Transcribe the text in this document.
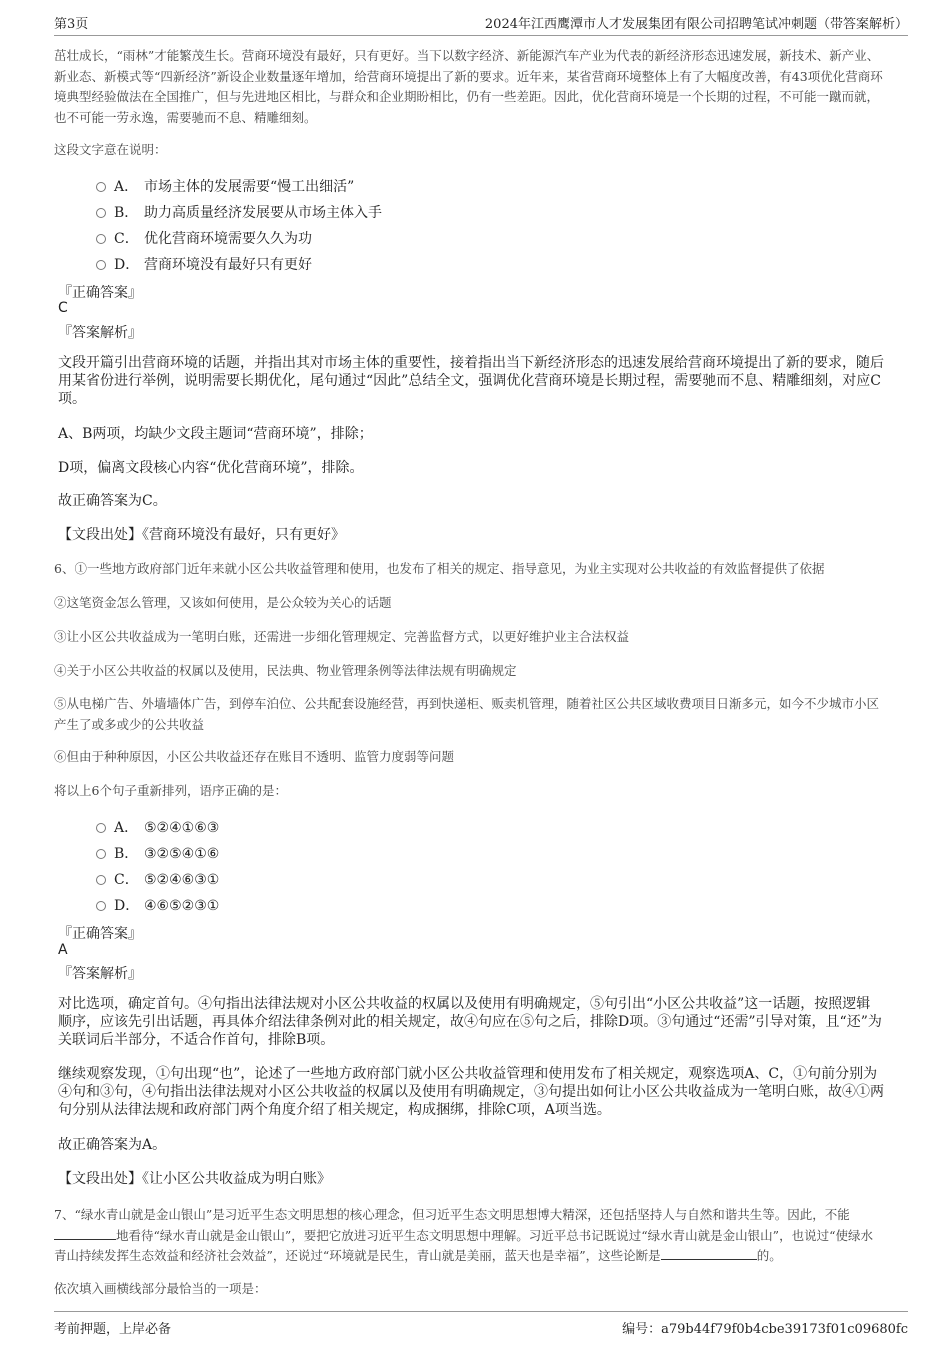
第3页	2024年江西鹰潭市人才发展集团有限公司招聘笔试冲刺题（带答案解析）
茁壮成长，“雨林”才能繁茂生长。营商环境没有最好，只有更好。当下以数字经济、新能源汽车产业为代表的新经济形态迅速发展，新技术、新产业、新业态、新模式等“四新经济”新设企业数量逐年增加，给营商环境提出了新的要求。近年来，某省营商环境整体上有了大幅度改善，有43项优化营商环境典型经验做法在全国推广，但与先进地区相比，与群众和企业期盼相比，仍有一些差距。因此，优化营商环境是一个长期的过程，不可能一蹴而就，也不可能一劳永逸，需要驰而不息、精雕细刻。
这段文字意在说明：
A． 市场主体的发展需要“慢工出细活”
B． 助力高质量经济发展要从市场主体入手
C． 优化营商环境需要久久为功
D． 营商环境没有最好只有更好
『正确答案』
C
『答案解析』
文段开篇引出营商环境的话题，并指出其对市场主体的重要性，接着指出当下新经济形态的迅速发展给营商环境提出了新的要求，随后用某省份进行举例，说明需要长期优化，尾句通过“因此”总结全文，强调优化营商环境是长期过程，需要驰而不息、精雕细刻，对应C项。
A、B两项，均缺少文段主题词“营商环境”，排除；
D项，偏离文段核心内容“优化营商环境”，排除。
故正确答案为C。
【文段出处】《营商环境没有最好，只有更好》
6、①一些地方政府部门近年来就小区公共收益管理和使用，也发布了相关的规定、指导意见，为业主实现对公共收益的有效监督提供了依据
②这笔资金怎么管理，又该如何使用，是公众较为关心的话题
③让小区公共收益成为一笔明白账，还需进一步细化管理规定、完善监督方式，以更好维护业主合法权益
④关于小区公共收益的权属以及使用，民法典、物业管理条例等法律法规有明确规定
⑤从电梯广告、外墙墙体广告，到停车泊位、公共配套设施经营，再到快递柜、贩卖机管理，随着社区公共区域收费项目日渐多元，如今不少城市小区产生了或多或少的公共收益
⑥但由于种种原因，小区公共收益还存在账目不透明、监管力度弱等问题
将以上6个句子重新排列，语序正确的是：
A． ⑤②④①⑥③
B． ③②⑤④①⑥
C． ⑤②④⑥③①
D． ④⑥⑤②③①
『正确答案』
A
『答案解析』
对比选项，确定首句。④句指出法律法规对小区公共收益的权属以及使用有明确规定，⑤句引出“小区公共收益”这一话题，按照逻辑顺序，应该先引出话题，再具体介绍法律条例对此的相关规定，故④句应在⑤句之后，排除D项。③句通过“还需”引导对策，且“还”为关联词后半部分，不适合作首句，排除B项。
继续观察发现，①句出现“也”，论述了一些地方政府部门就小区公共收益管理和使用发布了相关规定，观察选项A、C，①句前分别为④句和③句，④句指出法律法规对小区公共收益的权属以及使用有明确规定，③句提出如何让小区公共收益成为一笔明白账，故④①两句分别从法律法规和政府部门两个角度介绍了相关规定，构成捆绑，排除C项，A项当选。
故正确答案为A。
【文段出处】《让小区公共收益成为明白账》
7、“绿水青山就是金山银山”是习近平生态文明思想的核心理念，但习近平生态文明思想博大精深，还包括坚持人与自然和谐共生等。因此，不能地看待“绿水青山就是金山银山”，要把它放进习近平生态文明思想中理解。习近平总书记既说过“绿水青山就是金山银山”，也说过“使绿水青山持续发挥生态效益和经济社会效益”，还说过“环境就是民生，青山就是美丽，蓝天也是幸福”，这些论断是	的。
依次填入画横线部分最恰当的一项是：
考前押题，上岸必备	编号：a79b44f79f0b4cbe39173f01c09680fc
